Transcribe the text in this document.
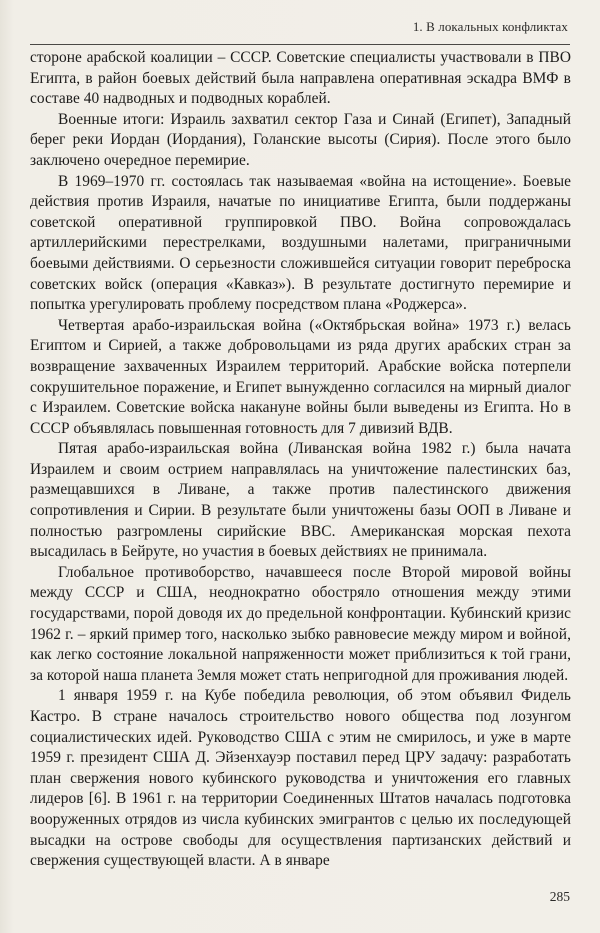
1. В локальных конфликтах

стороне арабской коалиции – СССР. Советские специалисты участвовали в ПВО Египта, в район боевых действий была направлена оперативная эскадра ВМФ в составе 40 надводных и подводных кораблей.

Военные итоги: Израиль захватил сектор Газа и Синай (Египет), Западный берег реки Иордан (Иордания), Голанские высоты (Сирия). После этого было заключено очередное перемирие.

В 1969–1970 гг. состоялась так называемая «война на истощение». Боевые действия против Израиля, начатые по инициативе Египта, были поддержаны советской оперативной группировкой ПВО. Война сопровождалась артиллерийскими перестрелками, воздушными налетами, приграничными боевыми действиями. О серьезности сложившейся ситуации говорит переброска советских войск (операция «Кавказ»). В результате достигнуто перемирие и попытка урегулировать проблему посредством плана «Роджерса».

Четвертая арабо-израильская война («Октябрьская война» 1973 г.) велась Египтом и Сирией, а также добровольцами из ряда других арабских стран за возвращение захваченных Израилем территорий. Арабские войска потерпели сокрушительное поражение, и Египет вынужденно согласился на мирный диалог с Израилем. Советские войска накануне войны были выведены из Египта. Но в СССР объявлялась повышенная готовность для 7 дивизий ВДВ.

Пятая арабо-израильская война (Ливанская война 1982 г.) была начата Израилем и своим острием направлялась на уничтожение палестинских баз, размещавшихся в Ливане, а также против палестинского движения сопротивления и Сирии. В результате были уничтожены базы ООП в Ливане и полностью разгромлены сирийские ВВС. Американская морская пехота высадилась в Бейруте, но участия в боевых действиях не принимала.

Глобальное противоборство, начавшееся после Второй мировой войны между СССР и США, неоднократно обостряло отношения между этими государствами, порой доводя их до предельной конфронтации. Кубинский кризис 1962 г. – яркий пример того, насколько зыбко равновесие между миром и войной, как легко состояние локальной напряженности может приблизиться к той грани, за которой наша планета Земля может стать непригодной для проживания людей.

1 января 1959 г. на Кубе победила революция, об этом объявил Фидель Кастро. В стране началось строительство нового общества под лозунгом социалистических идей. Руководство США с этим не смирилось, и уже в марте 1959 г. президент США Д. Эйзенхауэр поставил перед ЦРУ задачу: разработать план свержения нового кубинского руководства и уничтожения его главных лидеров [6]. В 1961 г. на территории Соединенных Штатов началась подготовка вооруженных отрядов из числа кубинских эмигрантов с целью их последующей высадки на острове свободы для осуществления партизанских действий и свержения существующей власти. А в январе

285
